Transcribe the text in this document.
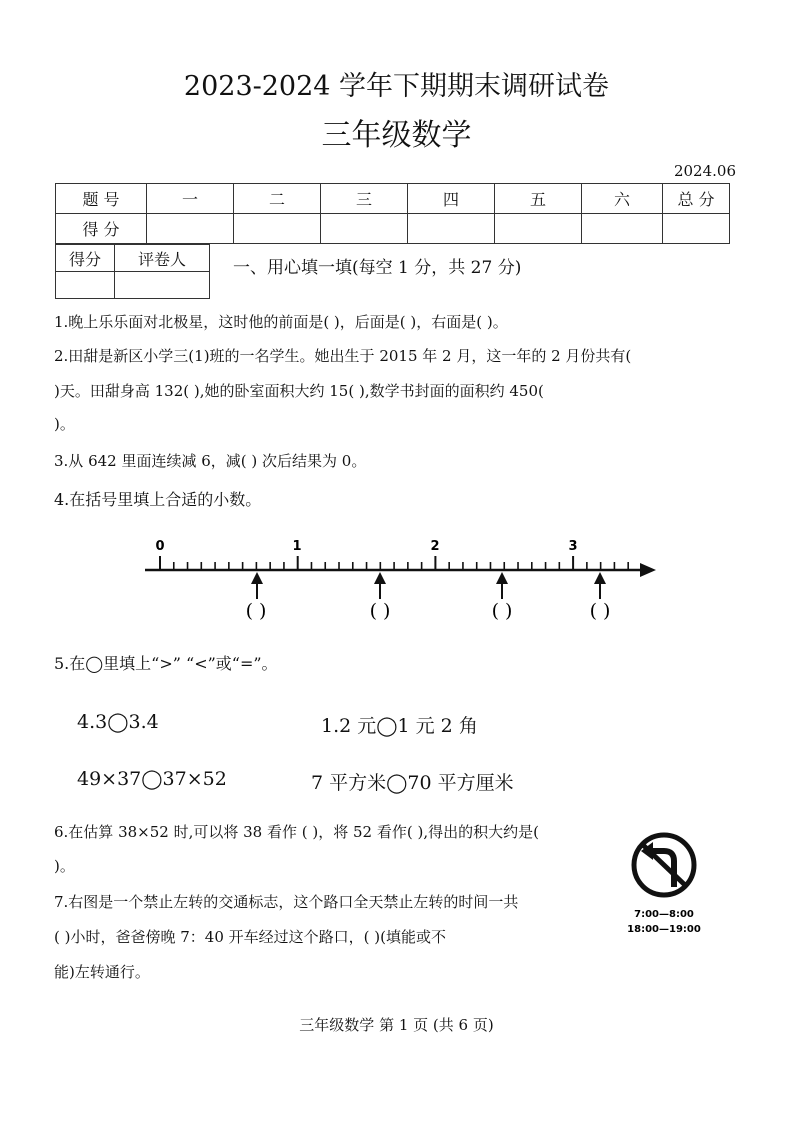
2023-2024 学年下期期末调研试卷
三年级数学
2024.06
题 号	一	二	三	四	五	六	总 分
得 分							
得分	评卷人
		一、用心填一填(每空 1 分，共 27 分)
1.晚上乐乐面对北极星，这时他的前面是( )，后面是( )，右面是( )。
2.田甜是新区小学三(1)班的一名学生。她出生于 2015 年 2 月，这一年的 2 月份共有(
)天。田甜身高 132( ),她的卧室面积大约 15( ),数学书封面的面积约 450(
)。
3.从 642 里面连续减 6，减( ) 次后结果为 0。
4.在括号里填上合适的小数。
0	1	2	3
( )	( )	( )	( )
5.在◯里填上“>” “<”或“=”。
4.3◯3.4	1.2 元◯1 元 2 角
49×37◯37×52	7 平方米◯70 平方厘米
6.在估算 38×52 时,可以将 38 看作 ( )，将 52 看作( ),得出的积大约是(
)。
7.右图是一个禁止左转的交通标志，这个路口全天禁止左转的时间一共
( )小时，爸爸傍晚 7：40 开车经过这个路口，( )(填能或不
能)左转通行。
7:00—8:00
18:00—19:00
三年级数学 第 1 页 (共 6 页)
